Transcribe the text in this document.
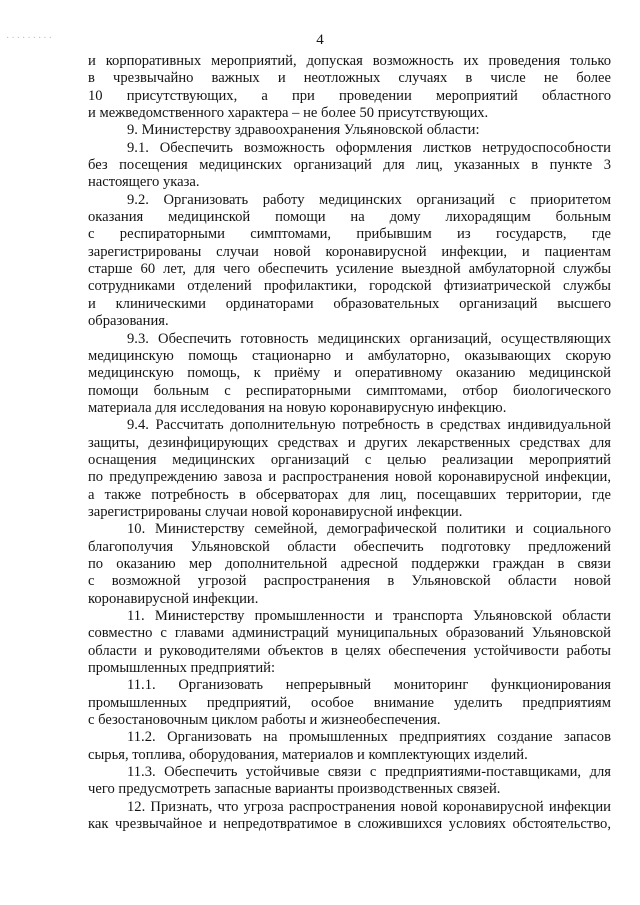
·········	4
и корпоративных мероприятий, допуская возможность их проведения только
в чрезвычайно важных и неотложных случаях в числе не более
10 присутствующих, а при проведении мероприятий областного
и межведомственного характера – не более 50 присутствующих.
9. Министерству здравоохранения Ульяновской области:
9.1. Обеспечить возможность оформления листков нетрудоспособности
без посещения медицинских организаций для лиц, указанных в пункте 3
настоящего указа.
9.2. Организовать работу медицинских организаций с приоритетом
оказания медицинской помощи на дому лихорадящим больным
с респираторными симптомами, прибывшим из государств, где
зарегистрированы случаи новой коронавирусной инфекции, и пациентам
старше 60 лет, для чего обеспечить усиление выездной амбулаторной службы
сотрудниками отделений профилактики, городской фтизиатрической службы
и клиническими ординаторами образовательных организаций высшего
образования.
9.3. Обеспечить готовность медицинских организаций, осуществляющих
медицинскую помощь стационарно и амбулаторно, оказывающих скорую
медицинскую помощь, к приёму и оперативному оказанию медицинской
помощи больным с респираторными симптомами, отбор биологического
материала для исследования на новую коронавирусную инфекцию.
9.4. Рассчитать дополнительную потребность в средствах индивидуальной
защиты, дезинфицирующих средствах и других лекарственных средствах для
оснащения медицинских организаций с целью реализации мероприятий
по предупреждению завоза и распространения новой коронавирусной инфекции,
а также потребность в обсерваторах для лиц, посещавших территории, где
зарегистрированы случаи новой коронавирусной инфекции.
10. Министерству семейной, демографической политики и социального
благополучия Ульяновской области обеспечить подготовку предложений
по оказанию мер дополнительной адресной поддержки граждан в связи
с возможной угрозой распространения в Ульяновской области новой
коронавирусной инфекции.
11. Министерству промышленности и транспорта Ульяновской области
совместно с главами администраций муниципальных образований Ульяновской
области и руководителями объектов в целях обеспечения устойчивости работы
промышленных предприятий:
11.1. Организовать непрерывный мониторинг функционирования
промышленных предприятий, особое внимание уделить предприятиям
с безостановочным циклом работы и жизнеобеспечения.
11.2. Организовать на промышленных предприятиях создание запасов
сырья, топлива, оборудования, материалов и комплектующих изделий.
11.3. Обеспечить устойчивые связи с предприятиями-поставщиками, для
чего предусмотреть запасные варианты производственных связей.
12. Признать, что угроза распространения новой коронавирусной инфекции
как чрезвычайное и непредотвратимое в сложившихся условиях обстоятельство,
